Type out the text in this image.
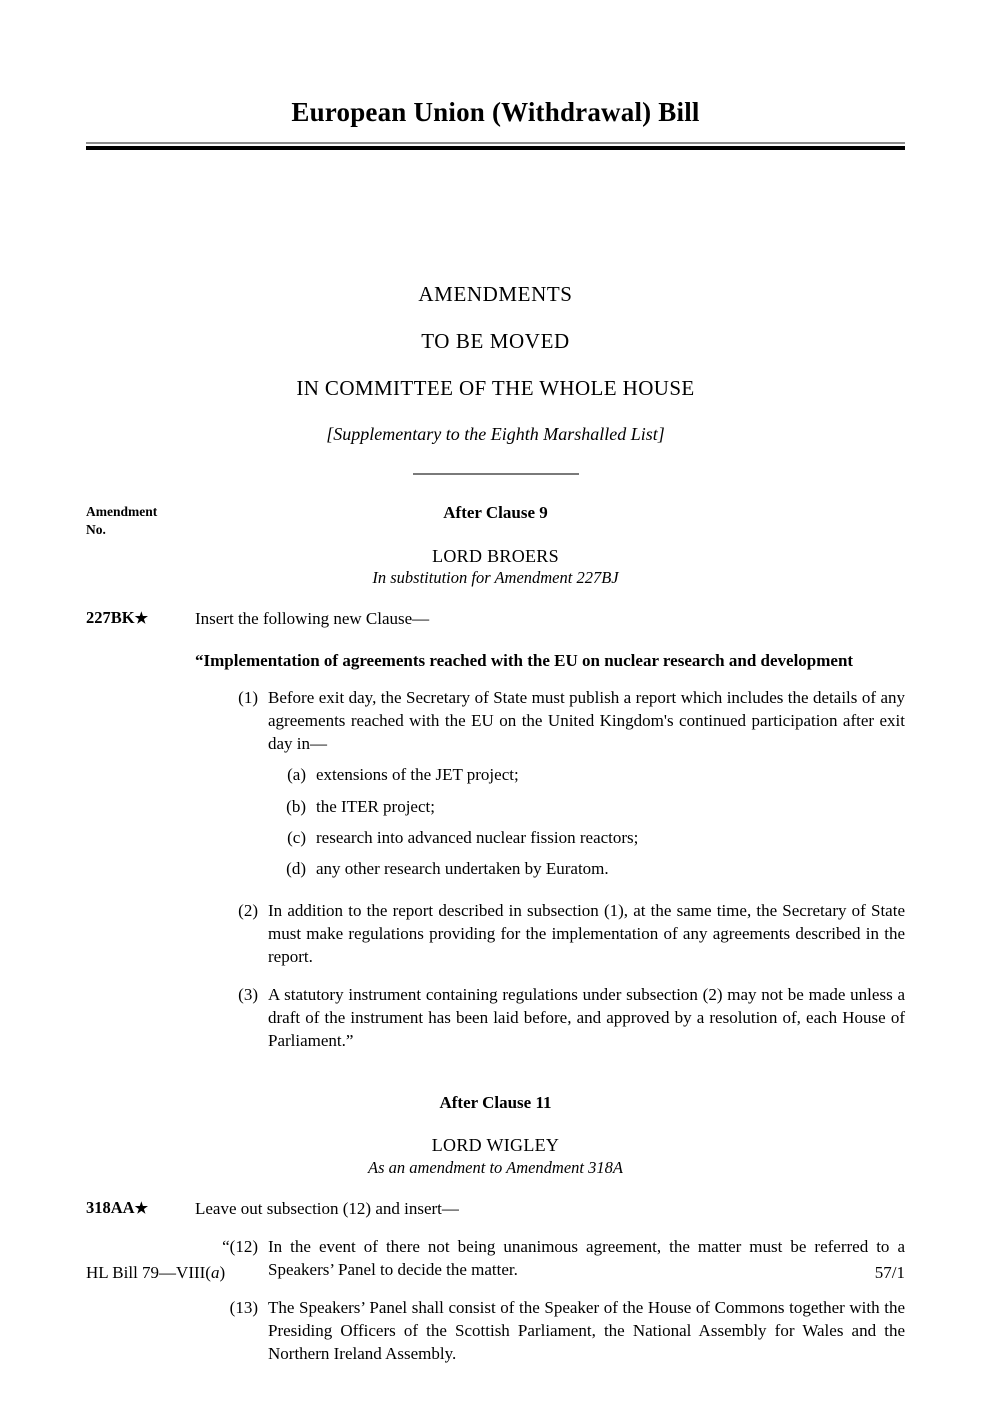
European Union (Withdrawal) Bill
AMENDMENTS
TO BE MOVED
IN COMMITTEE OF THE WHOLE HOUSE
[Supplementary to the Eighth Marshalled List]
Amendment
No.
After Clause 9
LORD BROERS
In substitution for Amendment 227BJ
227BK★	Insert the following new Clause—
“Implementation of agreements reached with the EU on nuclear research and development
(1) Before exit day, the Secretary of State must publish a report which includes the details of any agreements reached with the EU on the United Kingdom's continued participation after exit day in—
(a) extensions of the JET project;
(b) the ITER project;
(c) research into advanced nuclear fission reactors;
(d) any other research undertaken by Euratom.
(2) In addition to the report described in subsection (1), at the same time, the Secretary of State must make regulations providing for the implementation of any agreements described in the report.
(3) A statutory instrument containing regulations under subsection (2) may not be made unless a draft of the instrument has been laid before, and approved by a resolution of, each House of Parliament.”
After Clause 11
LORD WIGLEY
As an amendment to Amendment 318A
318AA★	Leave out subsection (12) and insert—
“(12) In the event of there not being unanimous agreement, the matter must be referred to a Speakers’ Panel to decide the matter.
(13) The Speakers’ Panel shall consist of the Speaker of the House of Commons together with the Presiding Officers of the Scottish Parliament, the National Assembly for Wales and the Northern Ireland Assembly.
HL Bill 79—VIII(a)	57/1
